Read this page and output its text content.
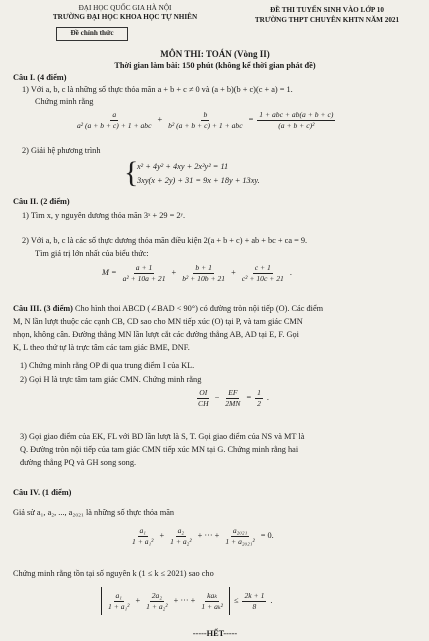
ĐẠI HỌC QUỐC GIA HÀ NỘI
TRƯỜNG ĐẠI HỌC KHOA HỌC TỰ NHIÊN
Đề chính thức
ĐỀ THI TUYỂN SINH VÀO LỚP 10
TRƯỜNG THPT CHUYÊN KHTN NĂM 2021
MÔN THI: TOÁN (Vòng II)
Thời gian làm bài: 150 phút (không kể thời gian phát đề)
Câu I. (4 điểm)
1) Với a, b, c là những số thực thỏa mãn a + b + c ≠ 0 và (a + b)(b + c)(c + a) = 1.
Chứng minh rằng
$\frac{a}{\text{a² (a + b + c) + 1 + abc}} + \frac{b}{\text{b² (a + b + c) + 1 + abc}} = \frac{\text{1 + abc + ab(a + b + c)}}{\text{(a + b + c)²}}$
2) Giải hệ phương trình
{
x² + 4y² + 4xy + 2x²y² = 11
3xy(x + 2y) + 31 = 9x + 18y + 13xy.
Câu II. (2 điểm)
1) Tìm x, y nguyên dương thỏa mãn 3ˣ + 29 = 2ʸ.
2) Với a, b, c là các số thực dương thỏa mãn điều kiện 2(a + b + c) + ab + bc + ca = 9.
Tìm giá trị lớn nhất của biểu thức:
$M = \frac{a + 1}{\text{a² + 10a + 21}} + \frac{b + 1}{\text{b² + 10b + 21}} + \frac{c + 1}{\text{c² + 10c + 21}}$ .
Câu III. (3 điểm) Cho hình thoi ABCD (∠BAD < 90°) có đường tròn nội tiếp (O). Các điểm
M, N lần lượt thuộc các cạnh CB, CD sao cho MN tiếp xúc (O) tại P, và tam giác CMN
nhọn, không cân. Đường thẳng MN lần lượt cắt các đường thẳng AB, AD tại E, F. Gọi
K, L theo thứ tự là trực tâm các tam giác BME, DNF.
1) Chứng minh rằng OP đi qua trung điểm I của KL.
2) Gọi H là trực tâm tam giác CMN. Chứng minh rằng
$\frac{OI}{CH} - \frac{EF}{2MN} = \frac{1}{2}$ .
3) Gọi giao điểm của EK, FL với BD lần lượt là S, T. Gọi giao điểm của NS và MT là
Q. Đường tròn nội tiếp của tam giác CMN tiếp xúc MN tại G. Chứng minh rằng hai
đường thẳng PQ và GH song song.
Câu IV. (1 điểm)
Giả sử a₁, a₂, ..., a₂₀₂₁ là những số thực thỏa mãn
$\frac{\text{a₁}}{\text{1 + a₁²}} + \frac{\text{a₂}}{\text{1 + a₂²}}$ + ··· + $\frac{\text{a₂₀₂₁}}{\text{1 + a₂₀₂₁²}} = 0$.
Chứng minh rằng tồn tại số nguyên k (1 ≤ k ≤ 2021) sao cho
$\frac{\text{a₁}}{\text{1 + a₁²}} + \frac{\text{2a₂}}{\text{1 + a₂²}}$ + ··· + $\frac{\text{kaₖ}}{\text{1 + aₖ²}} \le \frac{2k + 1}{8}$ .
-----HẾT-----
